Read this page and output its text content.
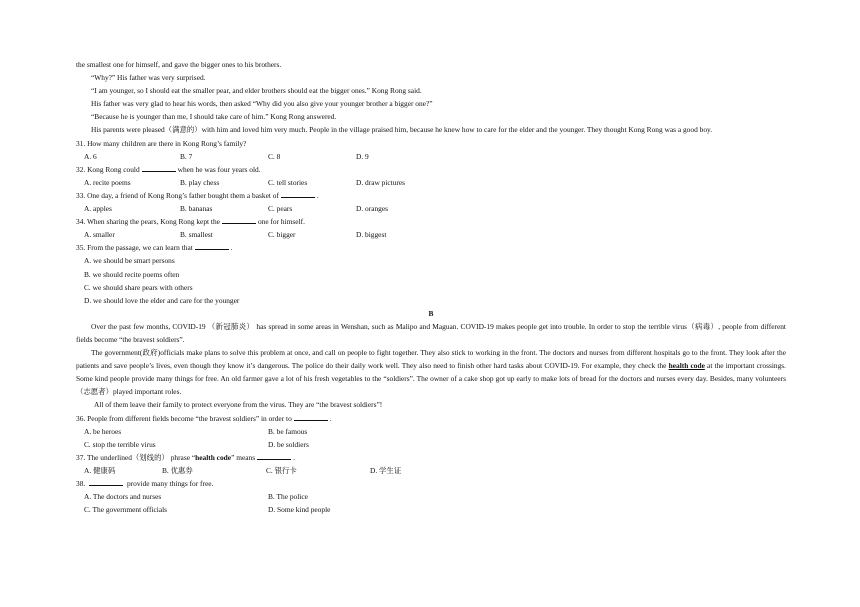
the smallest one for himself, and gave the bigger ones to his brothers.
“Why?” His father was very surprised.
“I am younger, so I should eat the smaller pear, and elder brothers should eat the bigger ones.” Kong Rong said.
His father was very glad to hear his words, then asked “Why did you also give your younger brother a bigger one?”
“Because he is younger than me, I should take care of him.” Kong Rong answered.
His parents were pleased（满意的）with him and loved him very much. People in the village praised him, because he knew how to care for the elder and the younger. They thought Kong Rong was a good boy.
31. How many children are there in Kong Rong’s family?
A. 6	B. 7	C. 8	D. 9
32. Kong Rong could	when he was four years old.
A. recite poems	B. play chess	C. tell stories	D. draw pictures
33. One day, a friend of Kong Rong’s father bought them a basket of	.
A. apples	B. bananas	C. pears	D. oranges
34. When sharing the pears, Kong Rong kept the	one for himself.
A. smaller	B. smallest	C. bigger	D. biggest
35. From the passage, we can learn that	.
A. we should be smart persons
B. we should recite poems often
C. we should share pears with others
D. we should love the elder and care for the younger
B
Over the past few months, COVID-19 （新冠肺炎） has spread in some areas in Wenshan, such as Malipo and Maguan. COVID-19 makes people get into trouble. In order to stop the terrible virus（病毒）, people from different fields become “the bravest soldiers”.
The government(政府)officials make plans to solve this problem at once, and call on people to fight together. They also stick to working in the front. The doctors and nurses from different hospitals go to the front. They look after the patients and save people’s lives, even though they know it’s dangerous. The police do their daily work well. They also need to finish other hard tasks about COVID-19. For example, they check the health code at the important crossings. Some kind people provide many things for free. An old farmer gave a lot of his fresh vegetables to the “soldiers”. The owner of a cake shop got up early to make lots of bread for the doctors and nurses every day. Besides, many volunteers（志愿者）played important roles.
All of them leave their family to protect everyone from the virus. They are “the bravest soldiers”!
36. People from different fields become “the bravest soldiers” in order to	.
A. be heroes	B. be famous
C. stop the terrible virus	D. be soldiers
37. The underlined（划线的） phrase “health code” means	.
A. 健康码	B. 优惠券	C. 银行卡	D. 学生证
38.	provide many things for free.
A. The doctors and nurses	B. The police
C. The government officials	D. Some kind people
